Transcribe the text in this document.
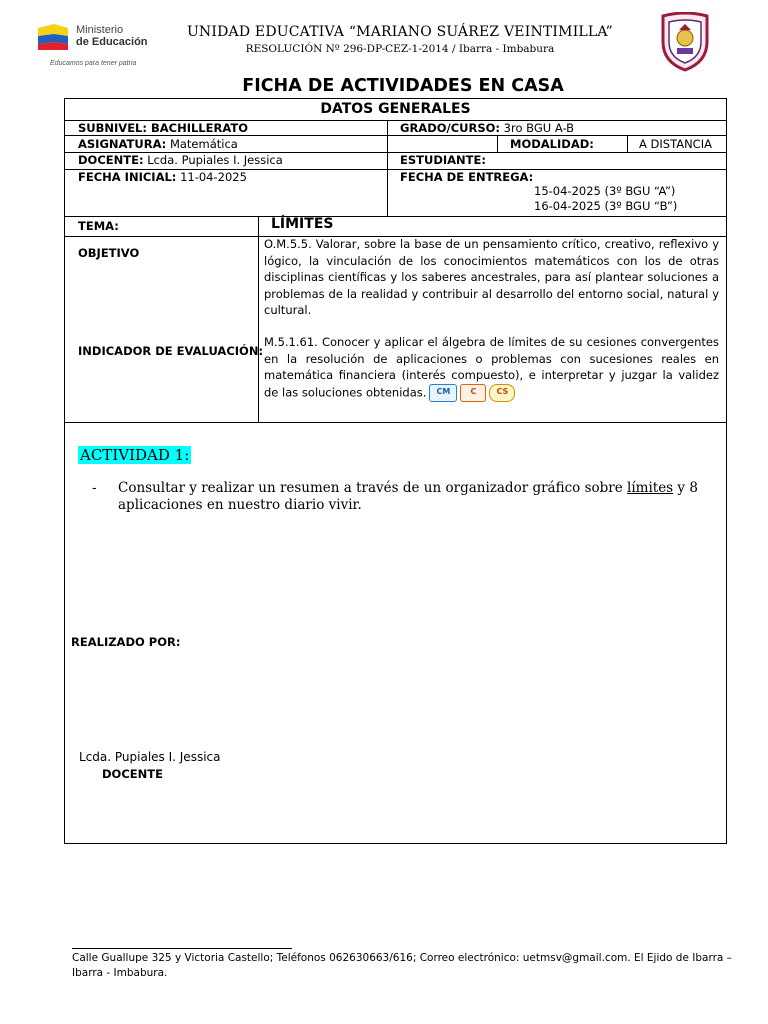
Ministerio
de Educación
Educamos para tener patria
UNIDAD EDUCATIVA “MARIANO SUÁREZ VEINTIMILLA”
RESOLUCIÓN Nº 296-DP-CEZ-1-2014 / Ibarra - Imbabura
FICHA DE ACTIVIDADES EN CASA
DATOS GENERALES
SUBNIVEL: BACHILLERATO	GRADO/CURSO: 3ro BGU A-B
ASIGNATURA: Matemática	MODALIDAD:	A DISTANCIA
DOCENTE: Lcda. Pupiales I. Jessica	ESTUDIANTE:
FECHA INICIAL: 11-04-2025	FECHA DE ENTREGA:
15-04-2025 (3º BGU “A”)
16-04-2025 (3º BGU “B”)
TEMA:	LÍMITES
OBJETIVO
O.M.5.5. Valorar, sobre la base de un pensamiento crítico, creativo, reflexivo y lógico, la vinculación de los conocimientos matemáticos con los de otras disciplinas científicas y los saberes ancestrales, para así plantear soluciones a problemas de la realidad y contribuir al desarrollo del entorno social, natural y cultural.
INDICADOR DE EVALUACIÓN:
M.5.1.61. Conocer y aplicar el álgebra de límites de su cesiones convergentes en la resolución de aplicaciones o problemas con sucesiones reales en matemática financiera (interés compuesto), e interpretar y juzgar la validez de las soluciones obtenidas.	CM	C	CS
ACTIVIDAD 1:
- Consultar y realizar un resumen a través de un organizador gráfico sobre límites y 8 aplicaciones en nuestro diario vivir.
REALIZADO POR:
Lcda. Pupiales I. Jessica
DOCENTE
Calle Guallupe 325 y Victoria Castello; Teléfonos 062630663/616; Correo electrónico: uetmsv@gmail.com. El Ejido de Ibarra – Ibarra - Imbabura.
